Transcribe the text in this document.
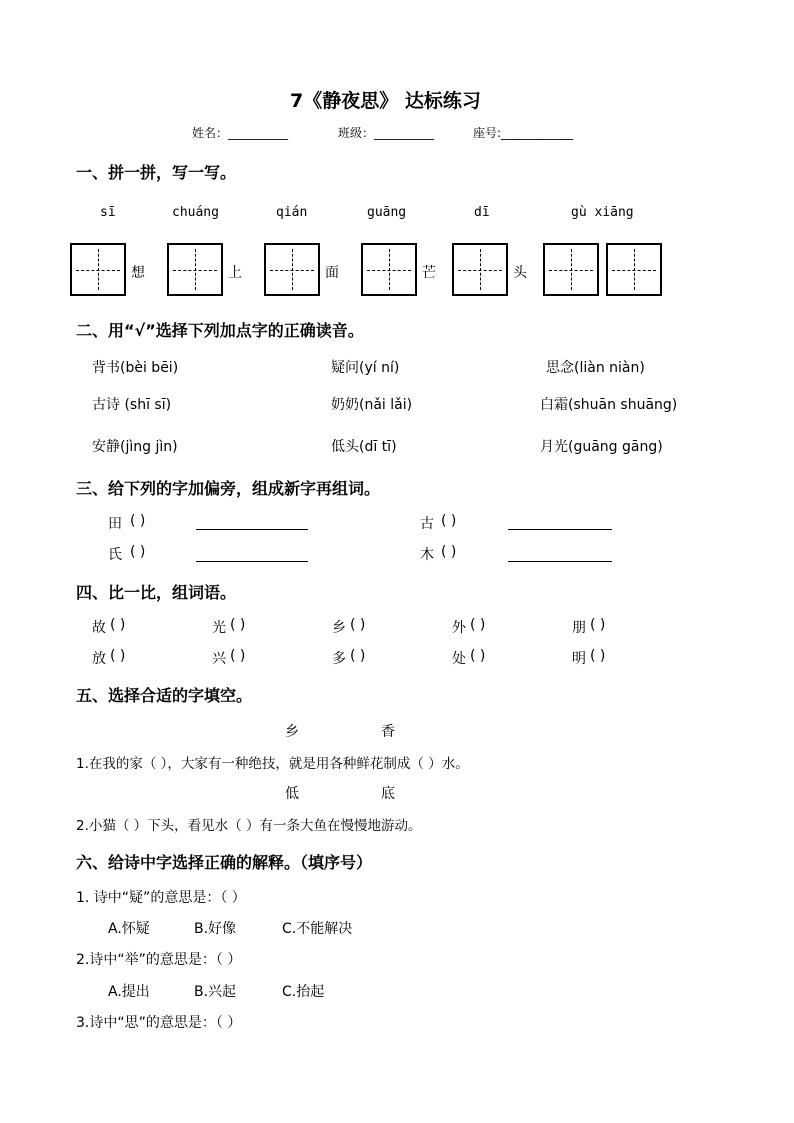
7《静夜思》 达标练习
姓名：__________	班级：__________	座号:____________
一、拼一拼，写一写。
sī	chuáng	qián	guāng	dī	gù xiāng
想	上	面	芒	头
二、用“√”选择下列加点字的正确读音。
背书(bèi bēi)	疑问(yí ní)	思念(liàn niàn)
古诗 (shī sī)	奶奶(nǎi lǎi)	白霜(shuān shuāng)
安静(jìng jìn)	低头(dī tī)	月光(guāng gāng)
三、给下列的字加偏旁，组成新字再组词。
田 ( )	古 ( )
氏 ( )	木 ( )
四、比一比，组词语。
故 ( )	光 ( )	乡 ( )	外 ( )	朋 ( )
放 ( )	兴 ( )	多 ( )	处 ( )	明 ( )
五、选择合适的字填空。
乡	香
1.在我的家（ ），大家有一种绝技，就是用各种鲜花制成（ ）水。
低	底
2.小猫（ ）下头，看见水（ ）有一条大鱼在慢慢地游动。
六、给诗中字选择正确的解释。（填序号）
1. 诗中“疑”的意思是：（ ）
A.怀疑	B.好像	C.不能解决
2.诗中“举”的意思是：（ ）
A.提出	B.兴起	C.抬起
3.诗中“思”的意思是：（ ）
